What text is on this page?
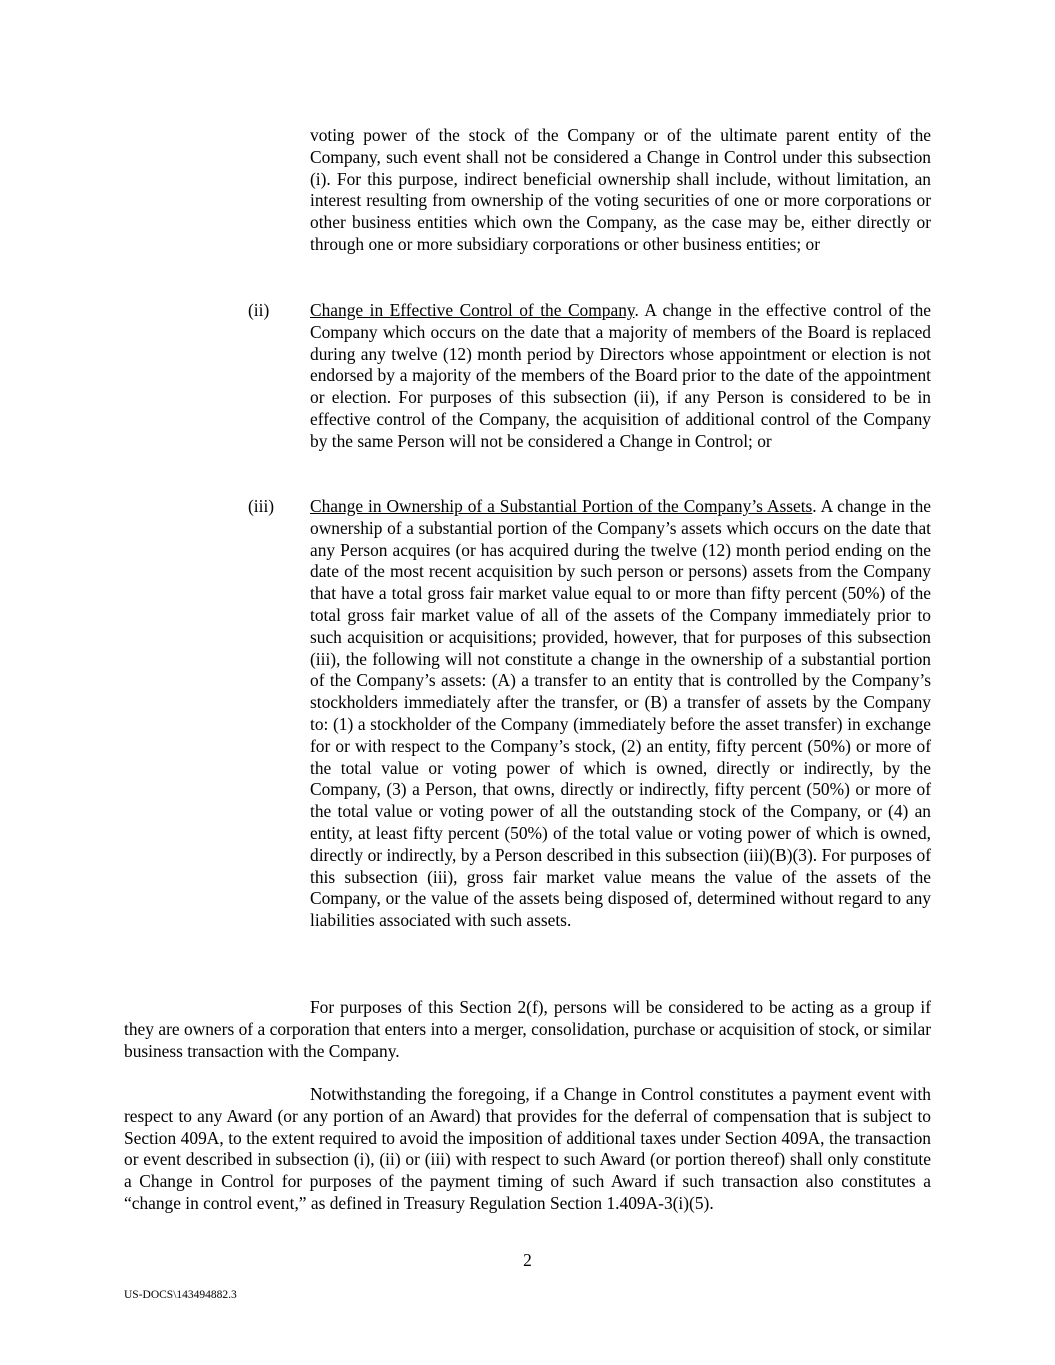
voting power of the stock of the Company or of the ultimate parent entity of the Company, such event shall not be considered a Change in Control under this subsection (i). For this purpose, indirect beneficial ownership shall include, without limitation, an interest resulting from ownership of the voting securities of one or more corporations or other business entities which own the Company, as the case may be, either directly or through one or more subsidiary corporations or other business entities; or

(ii)	Change in Effective Control of the Company. A change in the effective control of the Company which occurs on the date that a majority of members of the Board is replaced during any twelve (12) month period by Directors whose appointment or election is not endorsed by a majority of the members of the Board prior to the date of the appointment or election. For purposes of this subsection (ii), if any Person is considered to be in effective control of the Company, the acquisition of additional control of the Company by the same Person will not be considered a Change in Control; or
(iii)	Change in Ownership of a Substantial Portion of the Company’s Assets. A change in the ownership of a substantial portion of the Company’s assets which occurs on the date that any Person acquires (or has acquired during the twelve (12) month period ending on the date of the most recent acquisition by such person or persons) assets from the Company that have a total gross fair market value equal to or more than fifty percent (50%) of the total gross fair market value of all of the assets of the Company immediately prior to such acquisition or acquisitions; provided, however, that for purposes of this subsection (iii), the following will not constitute a change in the ownership of a substantial portion of the Company’s assets: (A) a transfer to an entity that is controlled by the Company’s stockholders immediately after the transfer, or (B) a transfer of assets by the Company to: (1) a stockholder of the Company (immediately before the asset transfer) in exchange for or with respect to the Company’s stock, (2) an entity, fifty percent (50%) or more of the total value or voting power of which is owned, directly or indirectly, by the Company, (3) a Person, that owns, directly or indirectly, fifty percent (50%) or more of the total value or voting power of all the outstanding stock of the Company, or (4) an entity, at least fifty percent (50%) of the total value or voting power of which is owned, directly or indirectly, by a Person described in this subsection (iii)(B)(3). For purposes of this subsection (iii), gross fair market value means the value of the assets of the Company, or the value of the assets being disposed of, determined without regard to any liabilities associated with such assets.

For purposes of this Section 2(f), persons will be considered to be acting as a group if they are owners of a corporation that enters into a merger, consolidation, purchase or acquisition of stock, or similar business transaction with the Company.

Notwithstanding the foregoing, if a Change in Control constitutes a payment event with respect to any Award (or any portion of an Award) that provides for the deferral of compensation that is subject to Section 409A, to the extent required to avoid the imposition of additional taxes under Section 409A, the transaction or event described in subsection (i), (ii) or (iii) with respect to such Award (or portion thereof) shall only constitute a Change in Control for purposes of the payment timing of such Award if such transaction also constitutes a “change in control event,” as defined in Treasury Regulation Section 1.409A-3(i)(5).

2
US-DOCS\143494882.3
